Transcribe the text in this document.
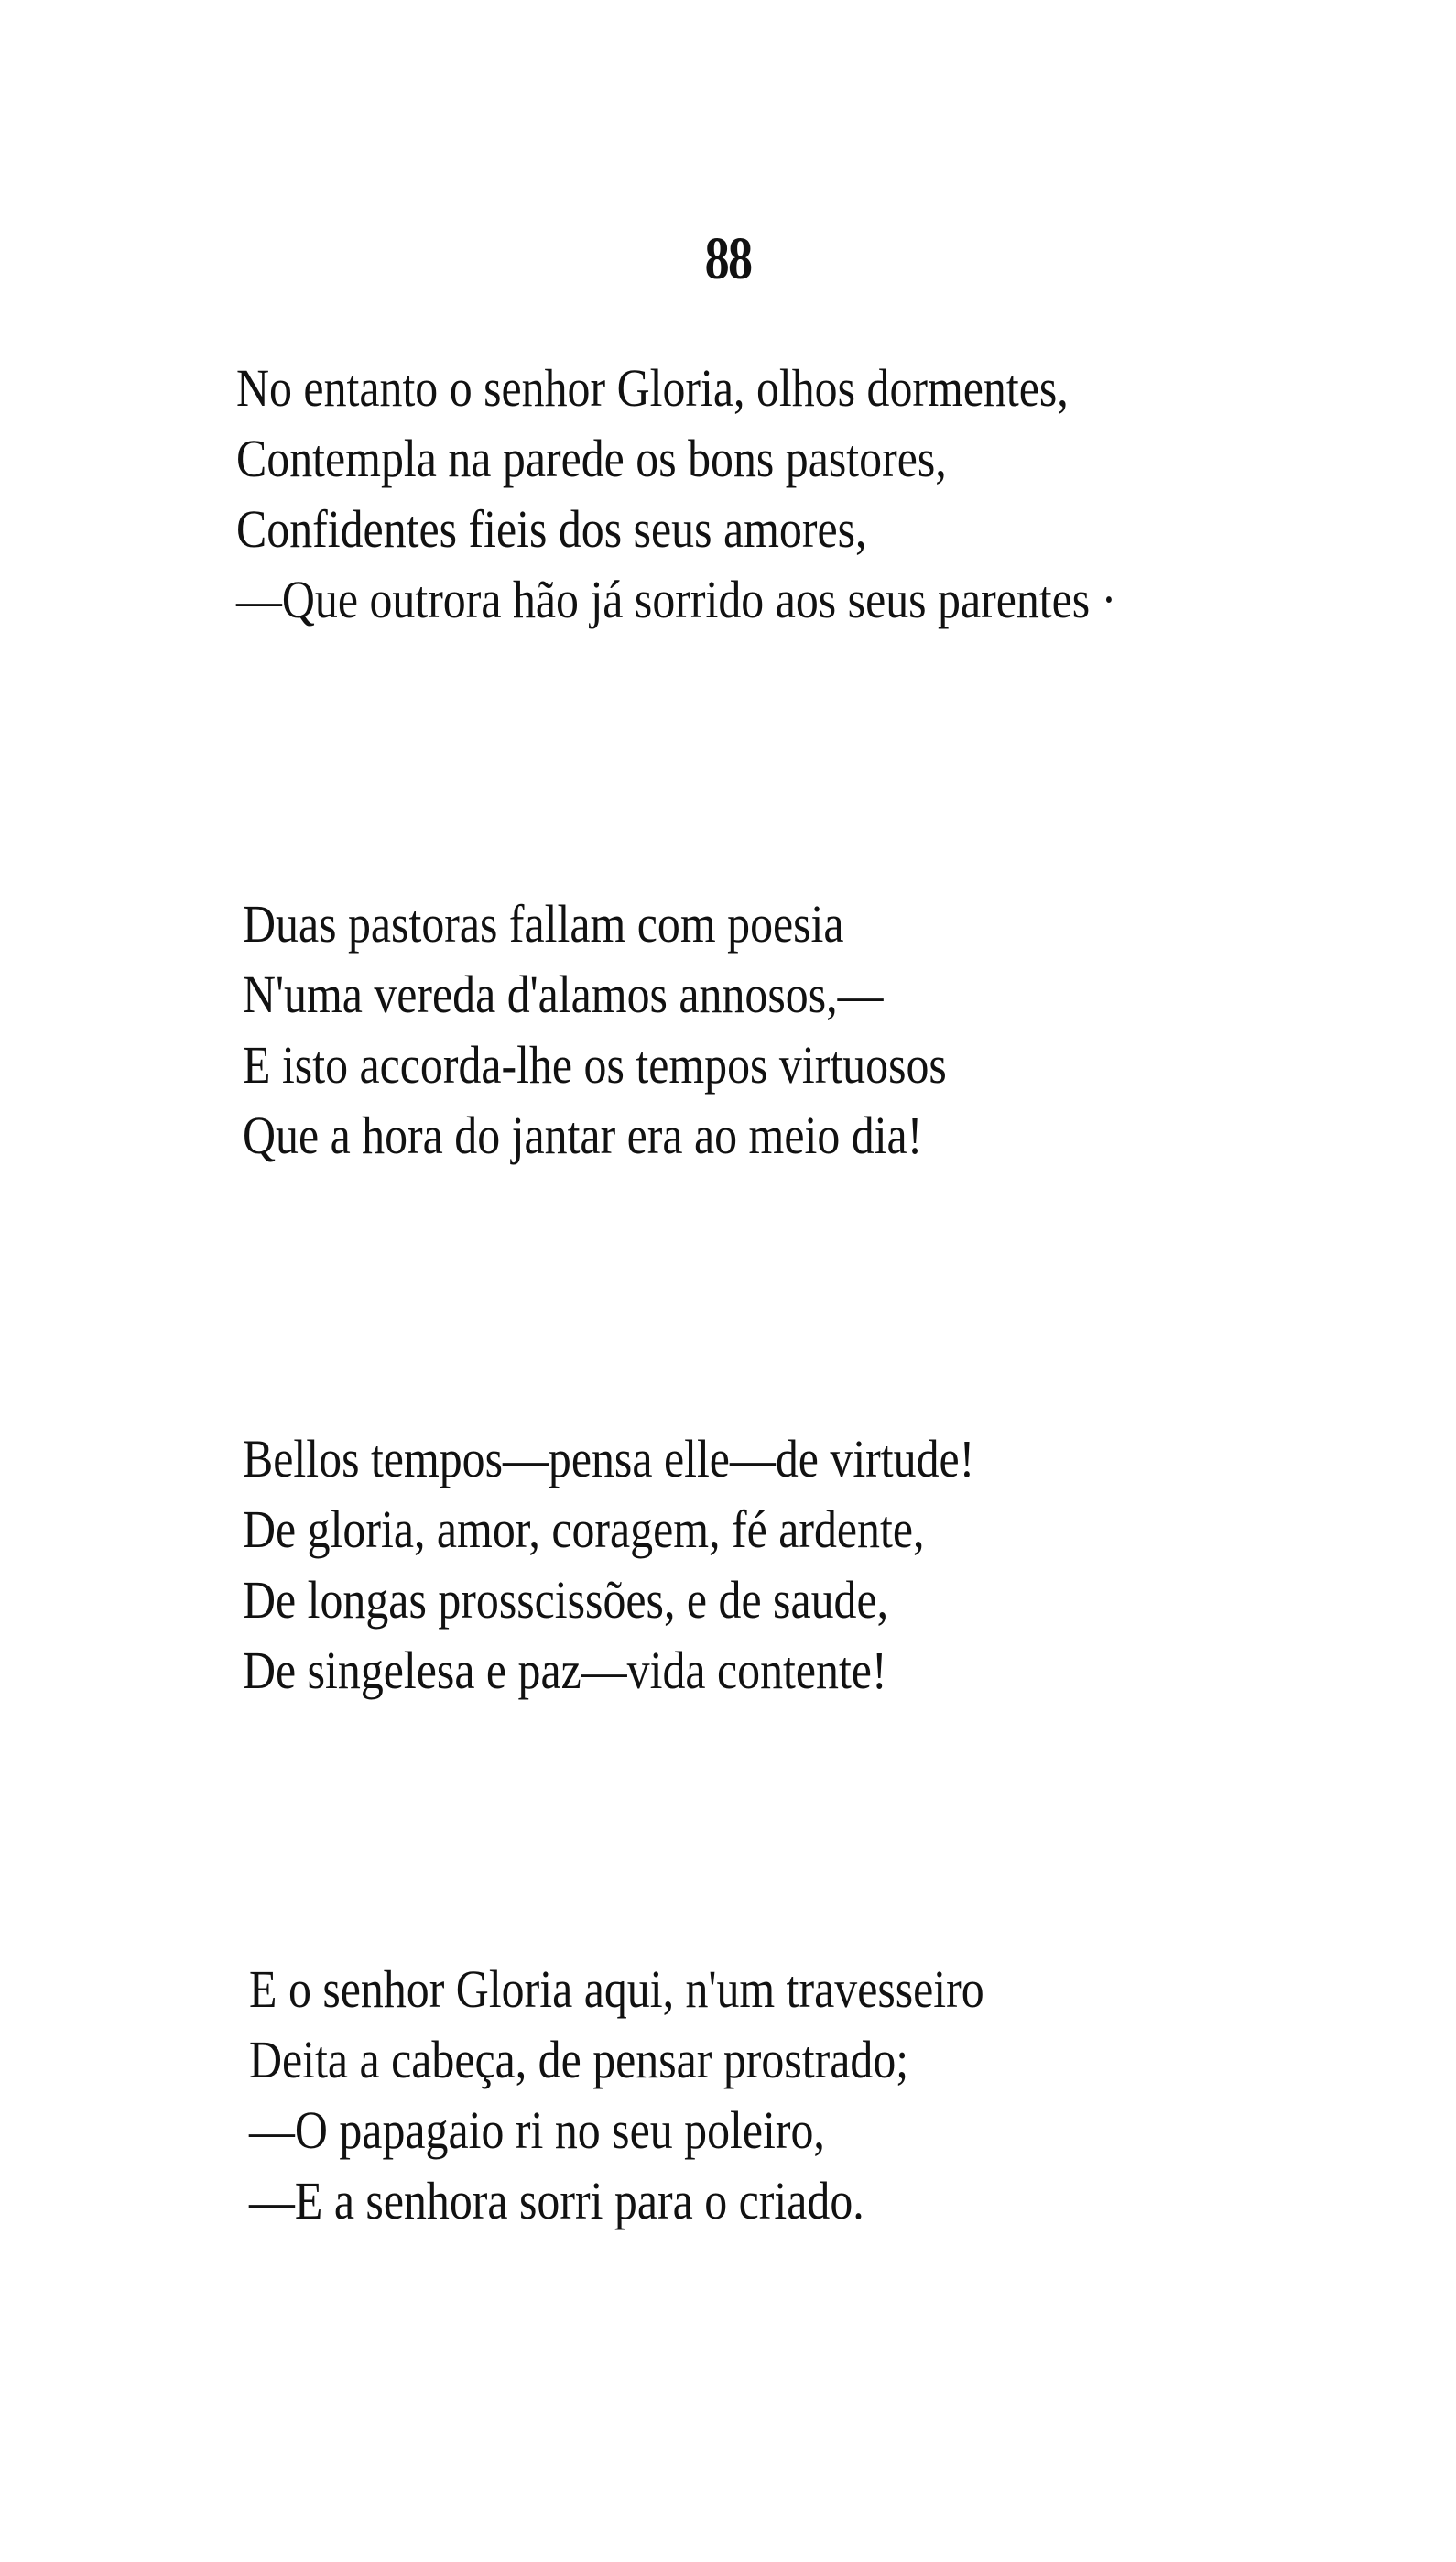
88
No entanto o senhor Gloria, olhos dormentes,
Contempla na parede os bons pastores,
Confidentes fieis dos seus amores,
—Que outrora hão já sorrido aos seus parentes ·
Duas pastoras fallam com poesia
N'uma vereda d'alamos annosos,—
E isto accorda-lhe os tempos virtuosos
Que a hora do jantar era ao meio dia!
Bellos tempos—pensa elle—de virtude!
De gloria, amor, coragem, fé ardente,
De longas prosscissões, e de saude,
De singelesa e paz—vida contente!
E o senhor Gloria aqui, n'um travesseiro
Deita a cabeça, de pensar prostrado;
—O papagaio ri no seu poleiro,
—E a senhora sorri para o criado.
